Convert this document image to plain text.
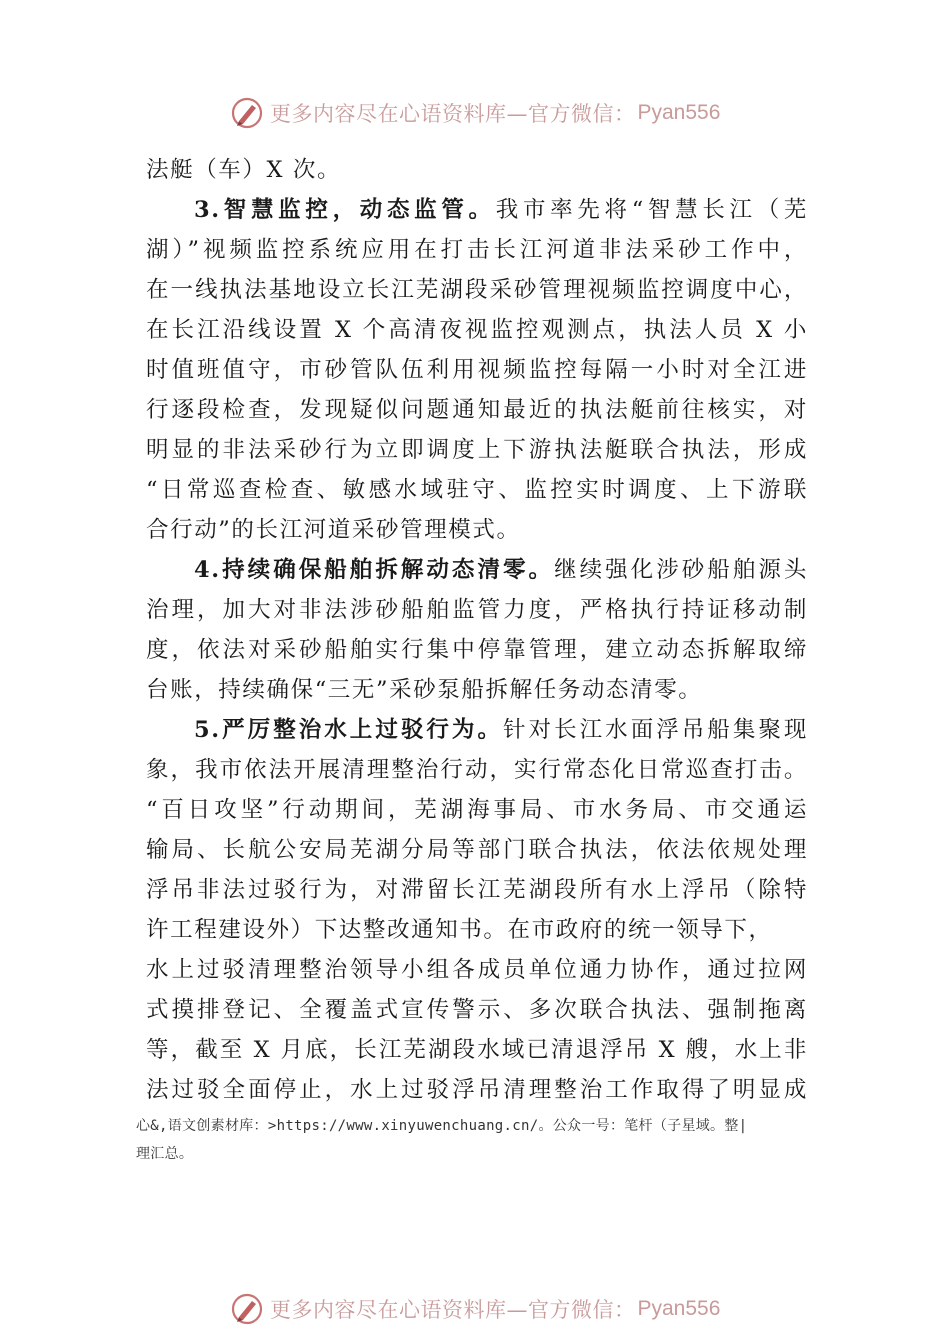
更多内容尽在心语资料库—官方微信： Pyan556
法艇（车）X 次。
3.智慧监控，动态监管。我市率先将“智慧长江（芜
湖）”视频监控系统应用在打击长江河道非法采砂工作中，
在一线执法基地设立长江芜湖段采砂管理视频监控调度中心，
在长江沿线设置 X 个高清夜视监控观测点，执法人员 X 小
时值班值守，市砂管队伍利用视频监控每隔一小时对全江进
行逐段检查，发现疑似问题通知最近的执法艇前往核实，对
明显的非法采砂行为立即调度上下游执法艇联合执法，形成
“日常巡查检查、敏感水域驻守、监控实时调度、上下游联
合行动”的长江河道采砂管理模式。
4.持续确保船舶拆解动态清零。继续强化涉砂船舶源头
治理，加大对非法涉砂船舶监管力度，严格执行持证移动制
度，依法对采砂船舶实行集中停靠管理，建立动态拆解取缔
台账，持续确保“三无”采砂泵船拆解任务动态清零。
5.严厉整治水上过驳行为。针对长江水面浮吊船集聚现
象，我市依法开展清理整治行动，实行常态化日常巡查打击。
“百日攻坚”行动期间，芜湖海事局、市水务局、市交通运
输局、长航公安局芜湖分局等部门联合执法，依法依规处理
浮吊非法过驳行为，对滞留长江芜湖段所有水上浮吊（除特
许工程建设外）下达整改通知书。在市政府的统一领导下，
水上过驳清理整治领导小组各成员单位通力协作，通过拉网
式摸排登记、全覆盖式宣传警示、多次联合执法、强制拖离
等，截至 X 月底，长江芜湖段水域已清退浮吊 X 艘，水上非
法过驳全面停止，水上过驳浮吊清理整治工作取得了明显成
心&,语文创素材库：>https://www.xinyuwenchuang.cn/。公众一号：笔杆（子星域。整|
理汇总。
更多内容尽在心语资料库—官方微信： Pyan556
